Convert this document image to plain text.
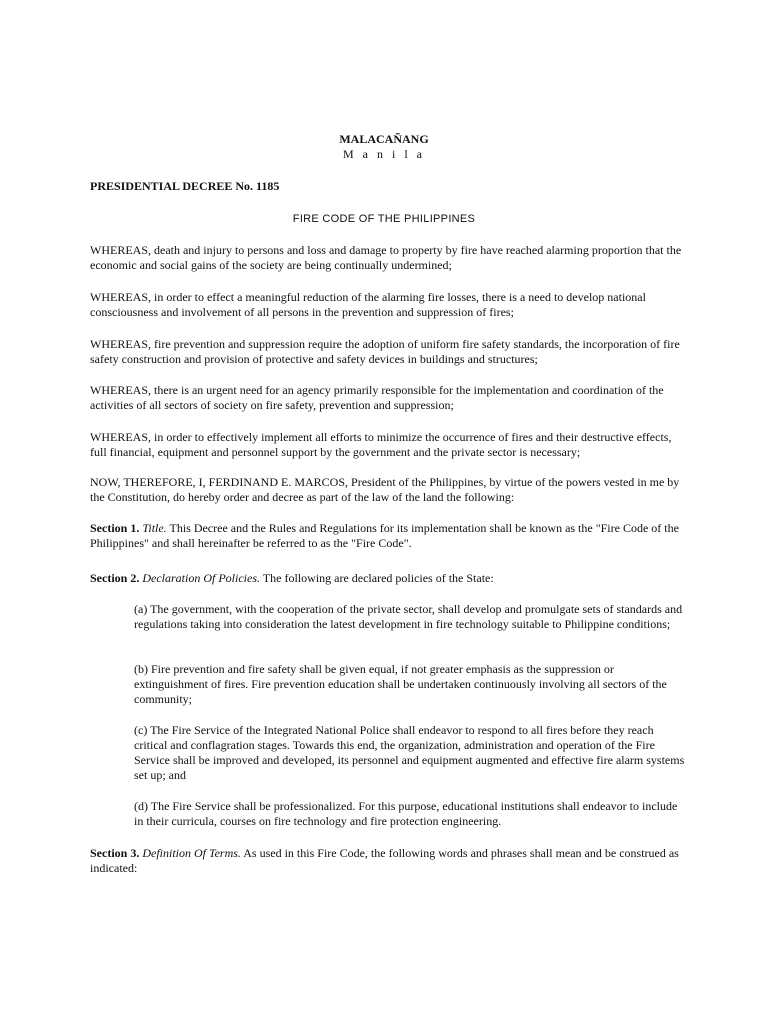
MALACAÑANG

M a n i l a

PRESIDENTIAL DECREE No. 1185

FIRE CODE OF THE PHILIPPINES

WHEREAS, death and injury to persons and loss and damage to property by fire have reached alarming proportion that the economic and social gains of the society are being continually undermined;

WHEREAS, in order to effect a meaningful reduction of the alarming fire losses, there is a need to develop national consciousness and involvement of all persons in the prevention and suppression of fires;

WHEREAS, fire prevention and suppression require the adoption of uniform fire safety standards, the incorporation of fire safety construction and provision of protective and safety devices in buildings and structures;

WHEREAS, there is an urgent need for an agency primarily responsible for the implementation and coordination of the activities of all sectors of society on fire safety, prevention and suppression;

WHEREAS, in order to effectively implement all efforts to minimize the occurrence of fires and their destructive effects, full financial, equipment and personnel support by the government and the private sector is necessary;

NOW, THEREFORE, I, FERDINAND E. MARCOS, President of the Philippines, by virtue of the powers vested in me by the Constitution, do hereby order and decree as part of the law of the land the following:

Section 1. Title. This Decree and the Rules and Regulations for its implementation shall be known as the "Fire Code of the Philippines" and shall hereinafter be referred to as the "Fire Code".

Section 2. Declaration Of Policies. The following are declared policies of the State:

(a) The government, with the cooperation of the private sector, shall develop and promulgate sets of standards and regulations taking into consideration the latest development in fire technology suitable to Philippine conditions;

(b) Fire prevention and fire safety shall be given equal, if not greater emphasis as the suppression or extinguishment of fires. Fire prevention education shall be undertaken continuously involving all sectors of the community;

(c) The Fire Service of the Integrated National Police shall endeavor to respond to all fires before they reach critical and conflagration stages. Towards this end, the organization, administration and operation of the Fire Service shall be improved and developed, its personnel and equipment augmented and effective fire alarm systems set up; and

(d) The Fire Service shall be professionalized. For this purpose, educational institutions shall endeavor to include in their curricula, courses on fire technology and fire protection engineering.

Section 3. Definition Of Terms. As used in this Fire Code, the following words and phrases shall mean and be construed as indicated:
